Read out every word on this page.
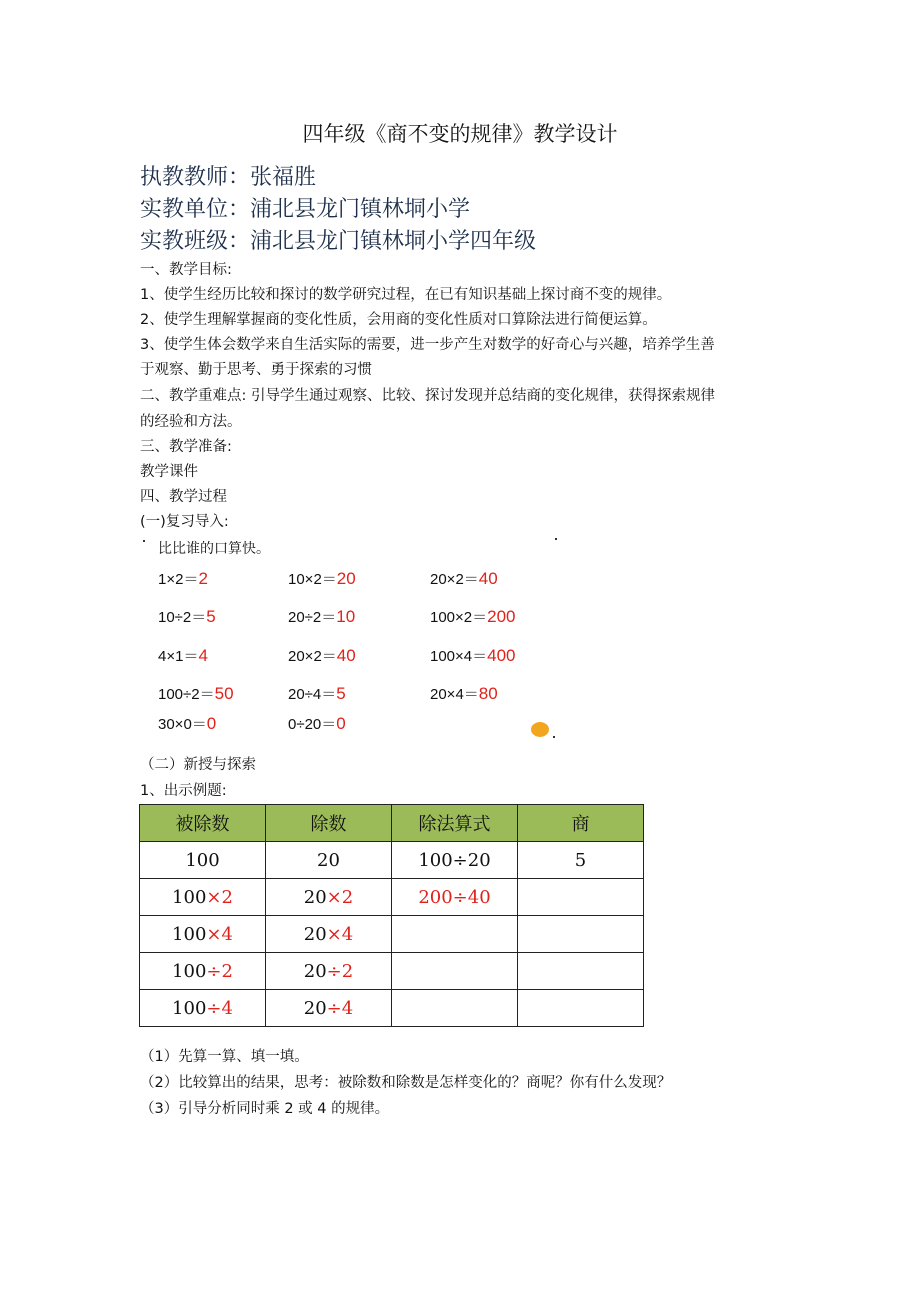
四年级《商不变的规律》教学设计
执教教师：张福胜
实教单位：浦北县龙门镇林垌小学
实教班级：浦北县龙门镇林垌小学四年级
一、教学目标:
1、使学生经历比较和探讨的数学研究过程，在已有知识基础上探讨商不变的规律。
2、使学生理解掌握商的变化性质，会用商的变化性质对口算除法进行简便运算。
3、使学生体会数学来自生活实际的需要，进一步产生对数学的好奇心与兴趣，培养学生善
于观察、勤于思考、勇于探索的习惯
二、教学重难点: 引导学生通过观察、比较、探讨发现并总结商的变化规律，获得探索规律
的经验和方法。
三、教学准备:
教学课件
四、教学过程
(一)复习导入:
比比谁的口算快。
1×2＝2	10×2＝20	20×2＝40
10÷2＝5	20÷2＝10	100×2＝200
4×1＝4	20×2＝40	100×4＝400
100÷2＝50	20÷4＝5	20×4＝80
30×0＝0	0÷20＝0
（二）新授与探索
1、出示例题:
被除数	除数	除法算式	商
100	20	100÷20	5
100×2	20×2	200÷40	
100×4	20×4		
100÷2	20÷2		
100÷4	20÷4		
（1）先算一算、填一填。
（2）比较算出的结果，思考：被除数和除数是怎样变化的？商呢？你有什么发现？
（3）引导分析同时乘 2 或 4 的规律。
